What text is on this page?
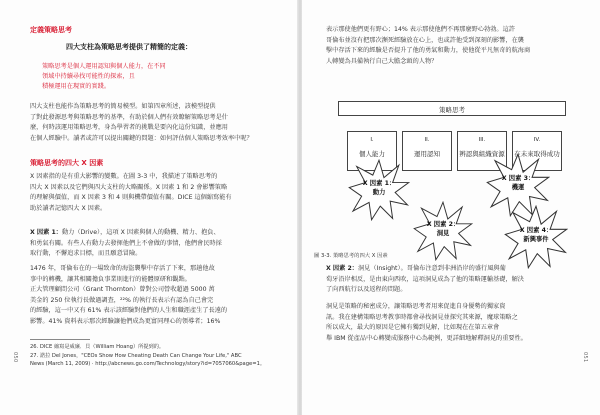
定義策略思考
四大支柱為策略思考提供了精簡的定義：
策略思考是個人運用認知與個人能力，在不同
領域中持續尋找可能性的探索，且
積極運用在現實的實踐。
四大支柱也能作為策略思考的簡易模型。如第四章所述，該模型提供
了對此發源思考與策略思考的基準，有助於個人們有效瞭解策略思考是什
麼，何時該運用策略思考，身為學習者的挑戰是要內化這份知識，並應用
在個人經驗中。讀者或許可以提出關鍵的問題：如何評估個人策略思考效率中呢？
策略思考的四大 X 因素
X 因素指的是有重大影響的變數。在圖 3-3 中，我描述了策略思考的
四大 X 因素以及它們與四大支柱的大略關係。X 因素 1 和 2 會影響策略
的理解與價值，而 X 因素 3 和 4 則與機帶價值有關。DICE 這個縮寫能有
助於讀者記憶四大 X 因素。
X 因素 1：動力（Drive），這項 X 因素與個人的動機、精力、抱負、
和勇氣有關。有些人有動力去發揮他們上不會做的事情，他們會民時採
取行動，不懈追求目標，而且願意冒險。
1476 年，哥倫布在的一場致命的海盜襲擊中存活了下來，那趟他故
事中的轉機，讓其相關擔負事業則進行的能體原研和觀點。
正大管理顧問公司（Grant Thornton）曾對公司營收超過 5000 萬
美金的 250 位執行長做過調查，²²% 的執行長表示有認為自己會完
的經驗，這一中又有 61% 表示該經驗對他們的人生和職涯產生了長遠的
影響。41% 資料表示那次經驗讓他們成為更富同理心的領導者；16%
26. DICE 縮寫是威廉．貝（William Hoang）所提到的。
27. 諾拉 Del Jones，"CEOs Show How Cheating Death Can Change Your Life," ABC
News (March 11, 2009) · http://abcnews.go.com/Technology/story?id=7057060&page=1。
050
表示那使他們更有野心；14% 表示那使他們不再那麼野心勃勃。這許
哥倫布並沒有把那次瀕死經驗放在心上，也或許他受到深刻的影響，在襲
擊中存活下來的經驗是否提升了他的勇氣和動力，使他從平凡無奇的航海商
人轉變為具備執行自己大膽念頭的人物？
策略思考
I.
個人能力
II.
運用認知
III.
辨認與組織資源
IV.
在未來取得成功
X 因素 1：
動力
X 因素 2：
洞見
X 因素 3：
機運
X 因素 4：
新興事件
圖 3-3. 策略思考的四大 X 因素
X 因素 2：洞見（Insight）。哥倫布注意到非洲沿岸的盛行風與葡
萄牙沿岸相反，是由東向西吹，這項洞見成為了他的策略運輸基礎，解決
了向西航行以及返程的問題。
洞見是策略的秘密成分，讓策略思考者用來促進自身優勢的獨家資
訊。我在建構策略思考教事時都會尋找洞見並探究其來源，魔球策略之
所以成大，最大的原因是它擁有獨到見解，比如現在在第五章會
舉 IBM 從產品中心轉變成服務中心為範例，更詳細地解釋洞見的重要性。
051
